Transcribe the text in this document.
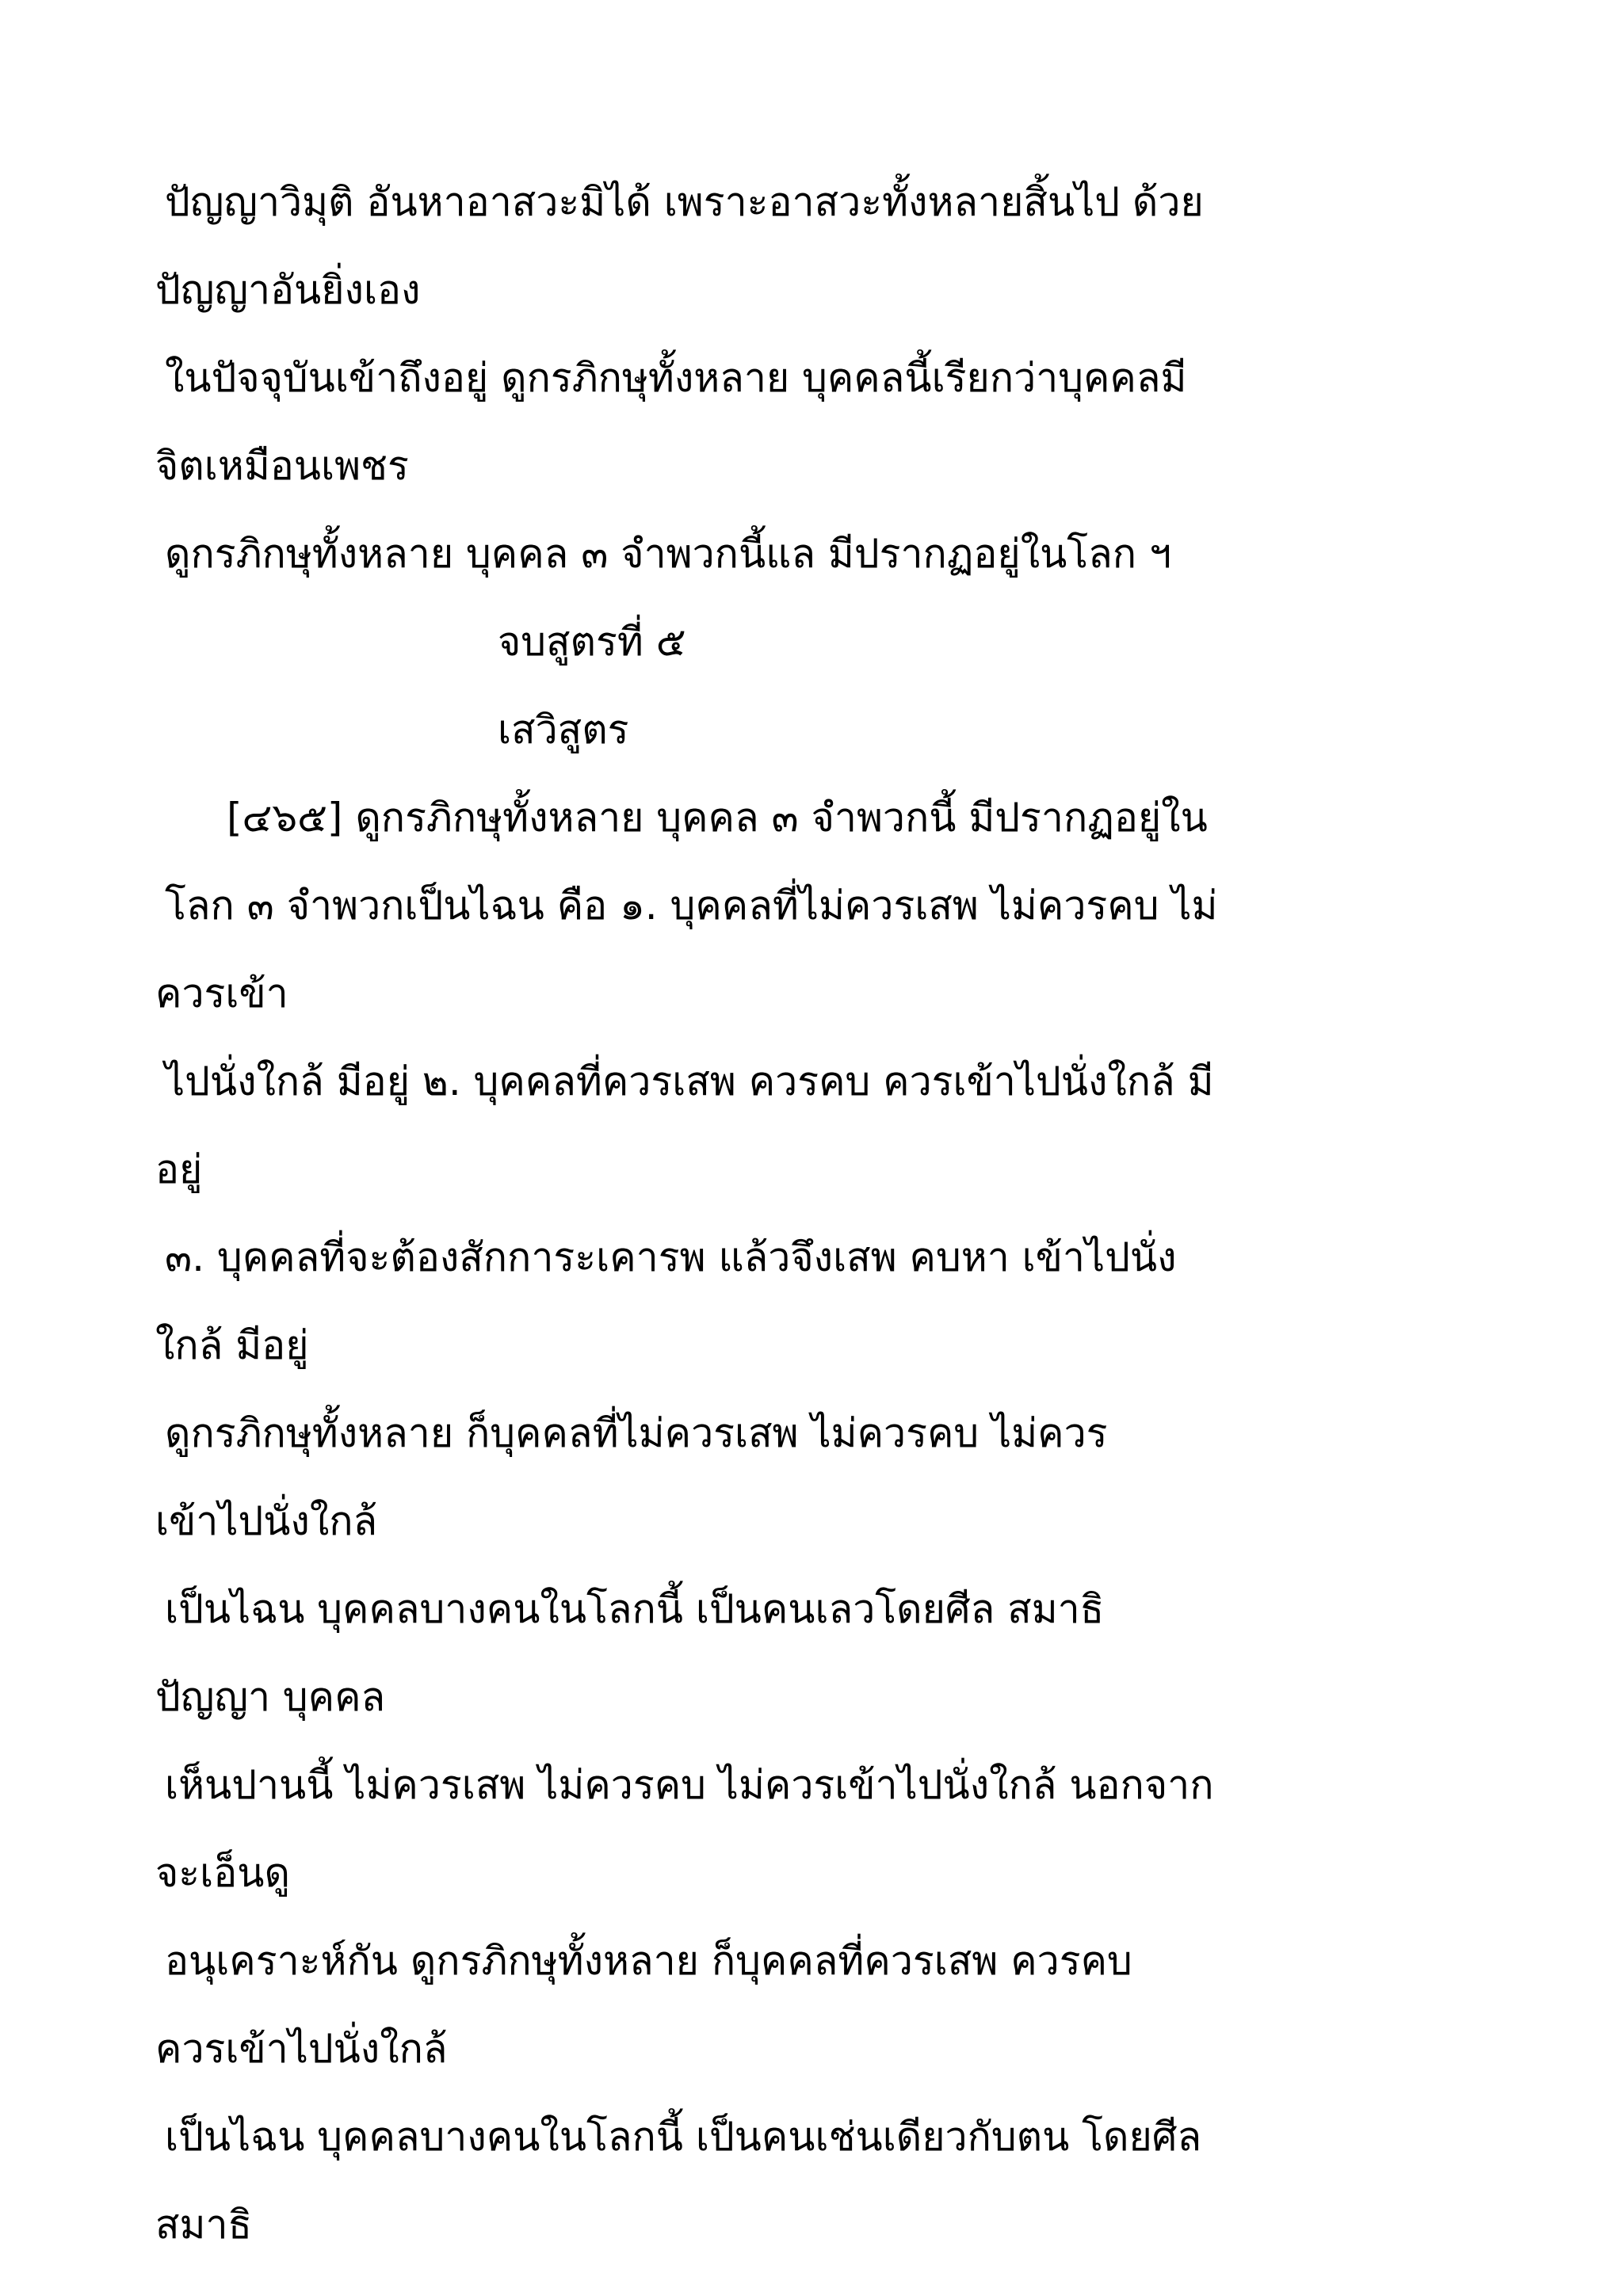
ปัญญาวิมุติ อันหาอาสวะมิได้ เพราะอาสวะทั้งหลายสิ้นไป ด้วย
ปัญญาอันยิ่งเอง
ในปัจจุบันเข้าถึงอยู่ ดูกรภิกษุทั้งหลาย บุคคลนี้เรียกว่าบุคคลมี
จิตเหมือนเพชร
ดูกรภิกษุทั้งหลาย บุคคล ๓ จำพวกนี้แล มีปรากฏอยู่ในโลก ฯ
จบสูตรที่ ๕
เสวิสูตร
[๔๖๕] ดูกรภิกษุทั้งหลาย บุคคล ๓ จำพวกนี้ มีปรากฏอยู่ใน
โลก ๓ จำพวกเป็นไฉน คือ ๑. บุคคลที่ไม่ควรเสพ ไม่ควรคบ ไม่
ควรเข้า
ไปนั่งใกล้ มีอยู่ ๒. บุคคลที่ควรเสพ ควรคบ ควรเข้าไปนั่งใกล้ มี
อยู่
๓. บุคคลที่จะต้องสักการะเคารพ แล้วจึงเสพ คบหา เข้าไปนั่ง
ใกล้ มีอยู่
ดูกรภิกษุทั้งหลาย ก็บุคคลที่ไม่ควรเสพ ไม่ควรคบ ไม่ควร
เข้าไปนั่งใกล้
เป็นไฉน บุคคลบางคนในโลกนี้ เป็นคนเลวโดยศีล สมาธิ
ปัญญา บุคคล
เห็นปานนี้ ไม่ควรเสพ ไม่ควรคบ ไม่ควรเข้าไปนั่งใกล้ นอกจาก
จะเอ็นดู
อนุเคราะห์กัน ดูกรภิกษุทั้งหลาย ก็บุคคลที่ควรเสพ ควรคบ
ควรเข้าไปนั่งใกล้
เป็นไฉน บุคคลบางคนในโลกนี้ เป็นคนเช่นเดียวกับตน โดยศีล
สมาธิ
